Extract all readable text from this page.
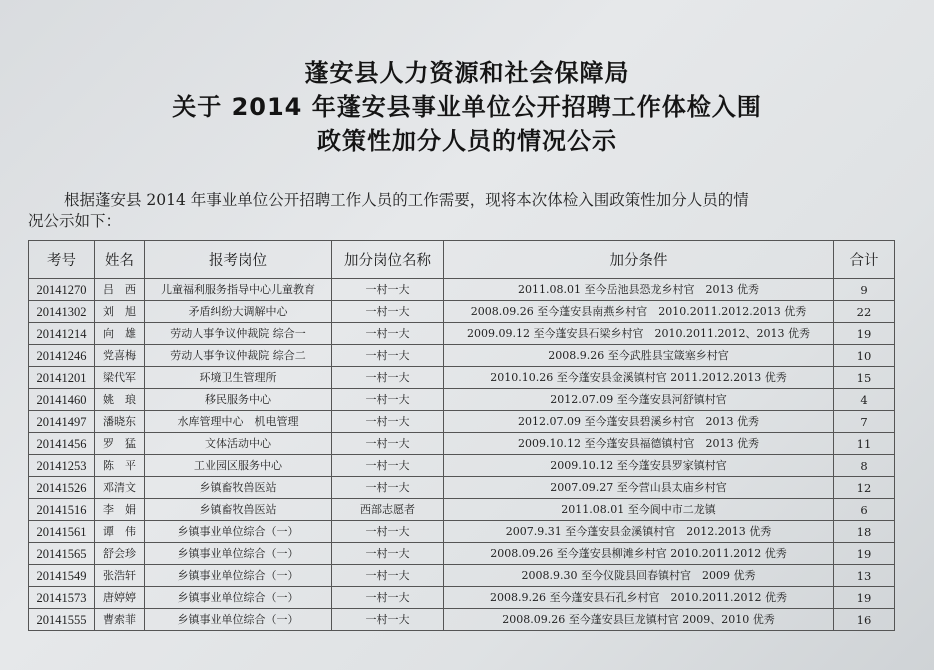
蓬安县人力资源和社会保障局
关于 2014 年蓬安县事业单位公开招聘工作体检入围
政策性加分人员的情况公示
根据蓬安县 2014 年事业单位公开招聘工作人员的工作需要，现将本次体检入围政策性加分人员的情
况公示如下：
考号	姓名	报考岗位	加分岗位名称	加分条件	合计
20141270	吕　西	儿童福利服务指导中心儿童教育	一村一大	2011.08.01 至今岳池县恐龙乡村官　2013 优秀	9
20141302	刘　旭	矛盾纠纷大调解中心	一村一大	2008.09.26 至今蓬安县南燕乡村官　2010.2011.2012.2013 优秀	22
20141214	向　雄	劳动人事争议仲裁院 综合一	一村一大	2009.09.12 至今蓬安县石梁乡村官　2010.2011.2012、2013 优秀	19
20141246	党喜梅	劳动人事争议仲裁院 综合二	一村一大	2008.9.26 至今武胜县宝箴塞乡村官	10
20141201	梁代军	环境卫生管理所	一村一大	2010.10.26 至今蓬安县金溪镇村官 2011.2012.2013 优秀	15
20141460	姚　琅	移民服务中心	一村一大	2012.07.09 至今蓬安县河舒镇村官	4
20141497	潘晓东	水库管理中心　机电管理	一村一大	2012.07.09 至今蓬安县碧溪乡村官　2013 优秀	7
20141456	罗　猛	文体活动中心	一村一大	2009.10.12 至今蓬安县福德镇村官　2013 优秀	11
20141253	陈　平	工业园区服务中心	一村一大	2009.10.12 至今蓬安县罗家镇村官	8
20141526	邓清文	乡镇畜牧兽医站	一村一大	2007.09.27 至今营山县太庙乡村官	12
20141516	李　娟	乡镇畜牧兽医站	西部志愿者	2011.08.01 至今阆中市二龙镇	6
20141561	谭　伟	乡镇事业单位综合（一）	一村一大	2007.9.31 至今蓬安县金溪镇村官　2012.2013 优秀	18
20141565	舒会珍	乡镇事业单位综合（一）	一村一大	2008.09.26 至今蓬安县柳滩乡村官 2010.2011.2012 优秀	19
20141549	张浩轩	乡镇事业单位综合（一）	一村一大	2008.9.30 至今仪陇县回春镇村官　2009 优秀	13
20141573	唐婷婷	乡镇事业单位综合（一）	一村一大	2008.9.26 至今蓬安县石孔乡村官　2010.2011.2012 优秀	19
20141555	曹索菲	乡镇事业单位综合（一）	一村一大	2008.09.26 至今蓬安县巨龙镇村官 2009、2010 优秀	16
